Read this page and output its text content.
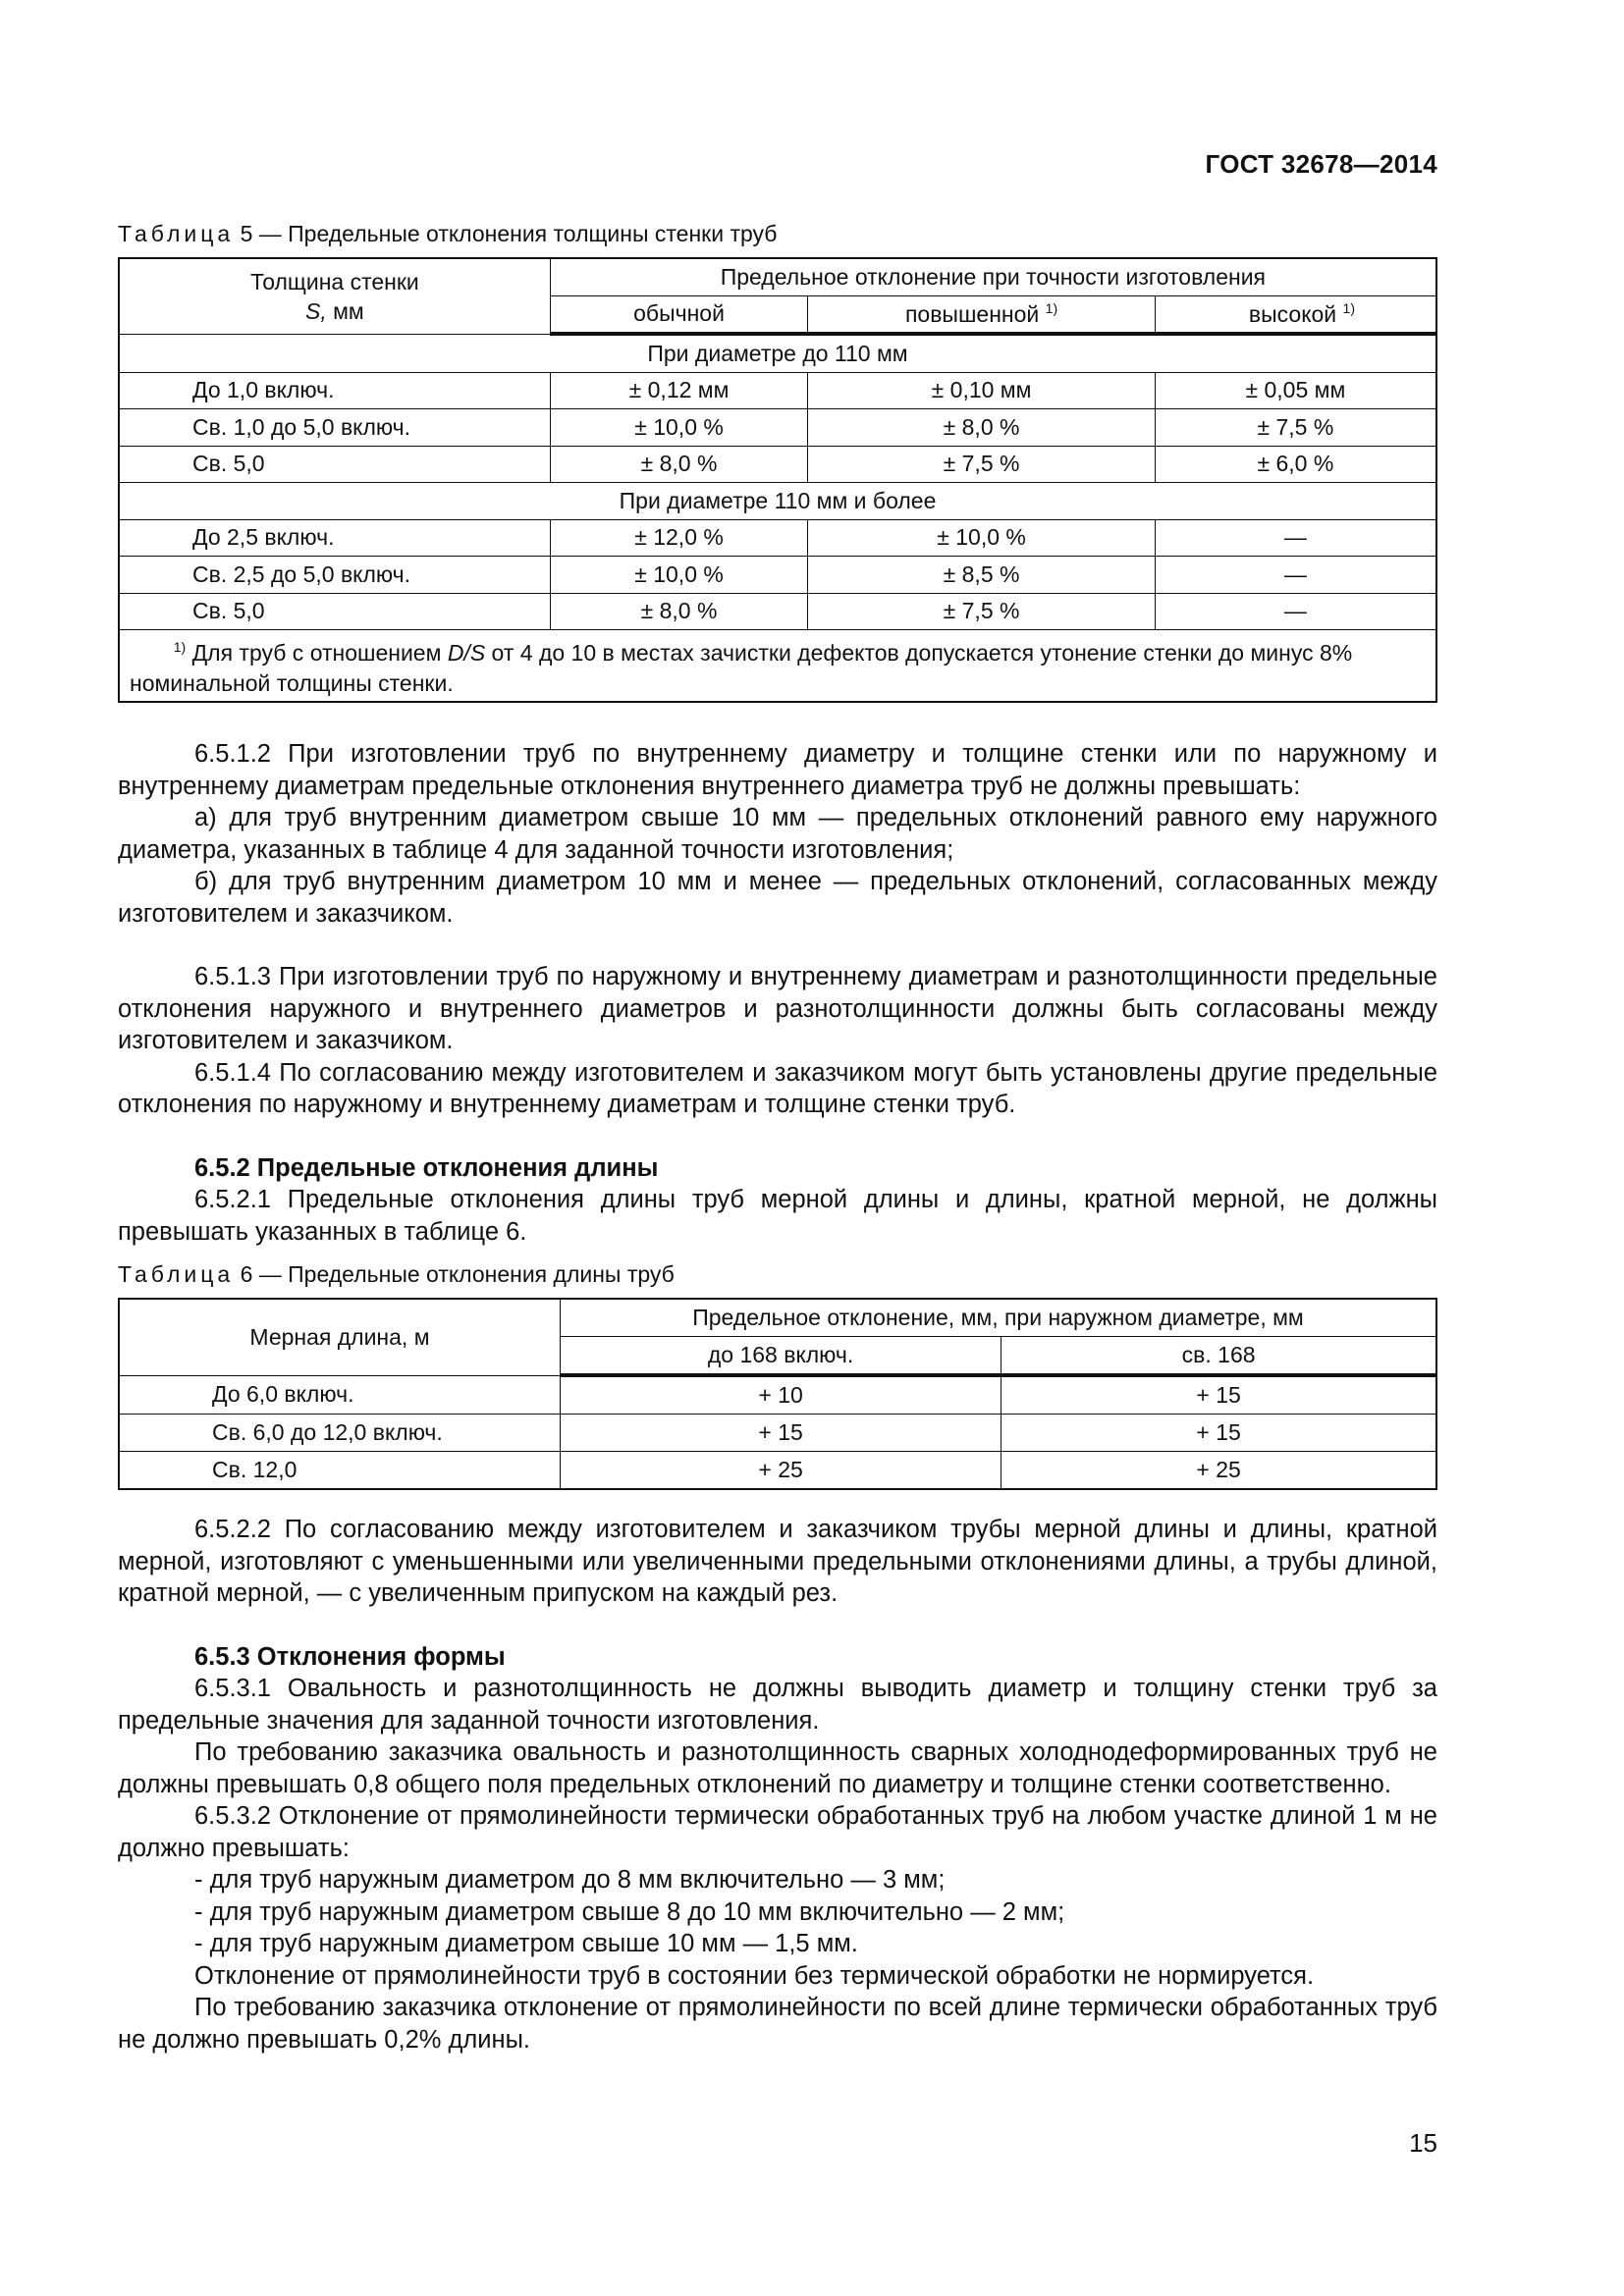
ГОСТ 32678—2014

Таблица 5 — Предельные отклонения толщины стенки труб

Толщина стенки
S, мм	Предельное отклонение при точности изготовления		
	обычной	повышенной $^{1)}$	высокой $^{1)}$
При диаметре до 110 мм			
До 1,0 включ.	± 0,12 мм	± 0,10 мм	± 0,05 мм
Св. 1,0 до 5,0 включ.	± 10,0 %	± 8,0 %	± 7,5 %
Св. 5,0	± 8,0 %	± 7,5 %	± 6,0 %
При диаметре 110 мм и более			
До 2,5 включ.	± 12,0 %	± 10,0 %	—
Св. 2,5 до 5,0 включ.	± 10,0 %	± 8,5 %	—
Св. 5,0	± 8,0 %	± 7,5 %	—
$^{1)}$ Для труб с отношением D/S от 4 до 10 в местах зачистки дефектов допускается утонение стенки до минус 8% номинальной толщины стенки.			

6.5.1.2 При изготовлении труб по внутреннему диаметру и толщине стенки или по наружному и внутреннему диаметрам предельные отклонения внутреннего диаметра труб не должны превышать:

а) для труб внутренним диаметром свыше 10 мм — предельных отклонений равного ему наружного диаметра, указанных в таблице 4 для заданной точности изготовления;

б) для труб внутренним диаметром 10 мм и менее — предельных отклонений, согласованных между изготовителем и заказчиком.

6.5.1.3 При изготовлении труб по наружному и внутреннему диаметрам и разнотолщинности предельные отклонения наружного и внутреннего диаметров и разнотолщинности должны быть согласованы между изготовителем и заказчиком.

6.5.1.4 По согласованию между изготовителем и заказчиком могут быть установлены другие предельные отклонения по наружному и внутреннему диаметрам и толщине стенки труб.

6.5.2 Предельные отклонения длины

6.5.2.1 Предельные отклонения длины труб мерной длины и длины, кратной мерной, не должны превышать указанных в таблице 6.

Таблица 6 — Предельные отклонения длины труб

Мерная длина, м	Предельное отклонение, мм, при наружном диаметре, мм	
	до 168 включ.	св. 168
До 6,0 включ.	+ 10	+ 15
Св. 6,0 до 12,0 включ.	+ 15	+ 15
Св. 12,0	+ 25	+ 25

6.5.2.2 По согласованию между изготовителем и заказчиком трубы мерной длины и длины, кратной мерной, изготовляют с уменьшенными или увеличенными предельными отклонениями длины, а трубы длиной, кратной мерной, — с увеличенным припуском на каждый рез.

6.5.3 Отклонения формы

6.5.3.1 Овальность и разнотолщинность не должны выводить диаметр и толщину стенки труб за предельные значения для заданной точности изготовления.

По требованию заказчика овальность и разнотолщинность сварных холоднодеформированных труб не должны превышать 0,8 общего поля предельных отклонений по диаметру и толщине стенки соответственно.

6.5.3.2 Отклонение от прямолинейности термически обработанных труб на любом участке длиной 1 м не должно превышать:

- для труб наружным диаметром до 8 мм включительно — 3 мм;

- для труб наружным диаметром свыше 8 до 10 мм включительно — 2 мм;

- для труб наружным диаметром свыше 10 мм — 1,5 мм.

Отклонение от прямолинейности труб в состоянии без термической обработки не нормируется.

По требованию заказчика отклонение от прямолинейности по всей длине термически обработанных труб не должно превышать 0,2% длины.

15
